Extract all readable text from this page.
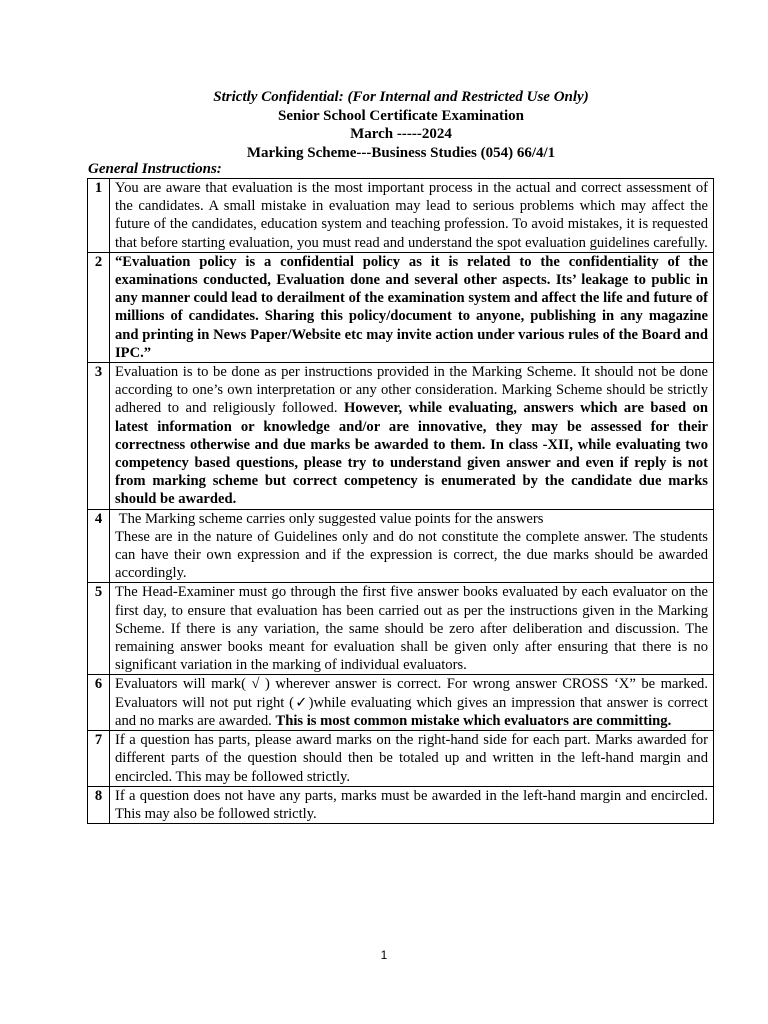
Strictly Confidential: (For Internal and Restricted Use Only)
Senior School Certificate Examination
March -----2024
Marking Scheme---Business Studies (054) 66/4/1
General Instructions:
1	You are aware that evaluation is the most important process in the actual and correct assessment of the candidates. A small mistake in evaluation may lead to serious problems which may affect the future of the candidates, education system and teaching profession. To avoid mistakes, it is requested that before starting evaluation, you must read and understand the spot evaluation guidelines carefully.
2	“Evaluation policy is a confidential policy as it is related to the confidentiality of the examinations conducted, Evaluation done and several other aspects. Its’ leakage to public in any manner could lead to derailment of the examination system and affect the life and future of millions of candidates. Sharing this policy/document to anyone, publishing in any magazine and printing in News Paper/Website etc may invite action under various rules of the Board and IPC.”
3	Evaluation is to be done as per instructions provided in the Marking Scheme. It should not be done according to one’s own interpretation or any other consideration. Marking Scheme should be strictly adhered to and religiously followed. However, while evaluating, answers which are based on latest information or knowledge and/or are innovative, they may be assessed for their correctness otherwise and due marks be awarded to them. In class -XII, while evaluating two competency based questions, please try to understand given answer and even if reply is not from marking scheme but correct competency is enumerated by the candidate due marks should be awarded.
4	The Marking scheme carries only suggested value points for the answers
These are in the nature of Guidelines only and do not constitute the complete answer. The students can have their own expression and if the expression is correct, the due marks should be awarded accordingly.

5	The Head-Examiner must go through the first five answer books evaluated by each evaluator on the first day, to ensure that evaluation has been carried out as per the instructions given in the Marking Scheme. If there is any variation, the same should be zero after deliberation and discussion. The remaining answer books meant for evaluation shall be given only after ensuring that there is no significant variation in the marking of individual evaluators.
6	Evaluators will mark( √ ) wherever answer is correct. For wrong answer CROSS ‘X” be marked. Evaluators will not put right (✓)while evaluating which gives an impression that answer is correct and no marks are awarded. This is most common mistake which evaluators are committing.
7	If a question has parts, please award marks on the right-hand side for each part. Marks awarded for different parts of the question should then be totaled up and written in the left-hand margin and encircled. This may be followed strictly.
8	If a question does not have any parts, marks must be awarded in the left-hand margin and encircled. This may also be followed strictly.
1
